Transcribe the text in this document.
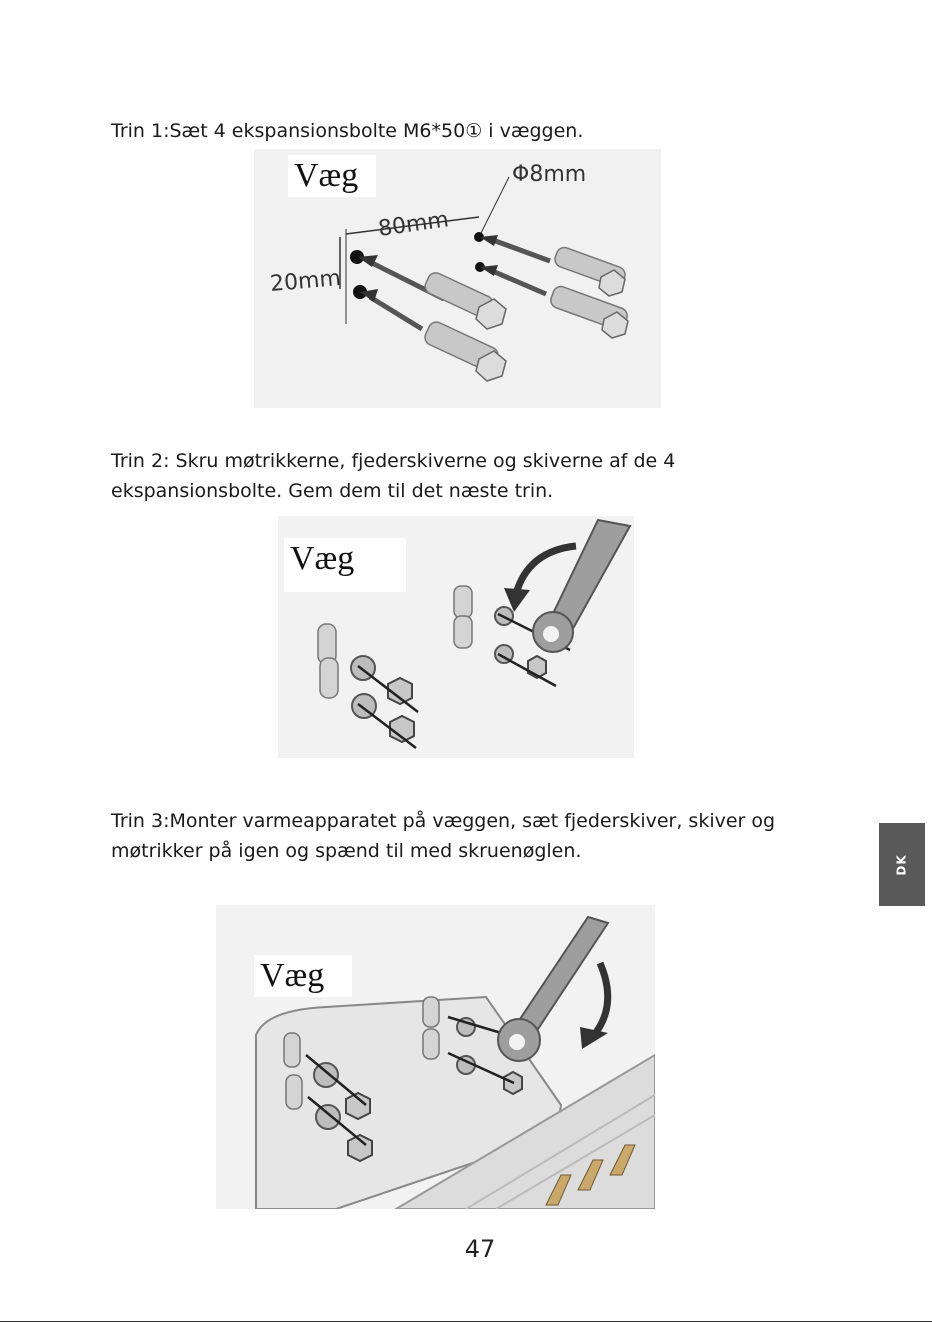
Trin 1:Sæt 4 ekspansionsbolte M6*50① i væggen.

80mm
20mm
Φ8mm
Væg

Trin 2: Skru møtrikkerne, fjederskiverne og skiverne af de 4
ekspansionsbolte. Gem dem til det næste trin.

Væg

Trin 3:Monter varmeapparatet på væggen, sæt fjederskiver, skiver og
møtrikker på igen og spænd til med skruenøglen.

Væg
DK
47
